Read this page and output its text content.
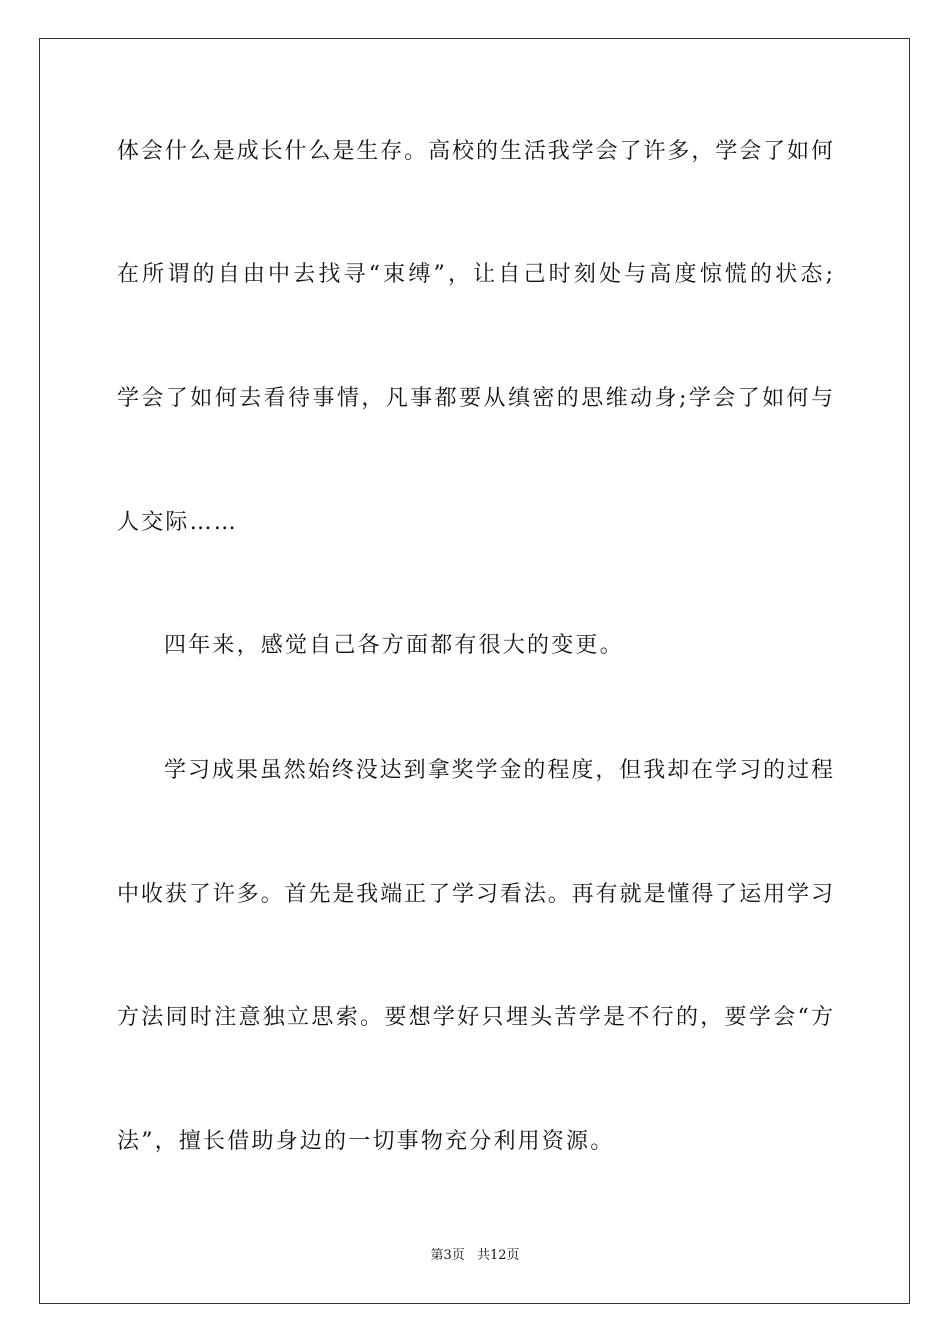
体会什么是成长什么是生存。高校的生活我学会了许多，学会了如何
在所谓的自由中去找寻“束缚”，让自己时刻处与高度惊慌的状态;
学会了如何去看待事情，凡事都要从缜密的思维动身;学会了如何与
人交际……
四年来，感觉自己各方面都有很大的变更。
学习成果虽然始终没达到拿奖学金的程度，但我却在学习的过程
中收获了许多。首先是我端正了学习看法。再有就是懂得了运用学习
方法同时注意独立思索。要想学好只埋头苦学是不行的，要学会“方
法”，擅长借助身边的一切事物充分利用资源。
第3页 共12页
